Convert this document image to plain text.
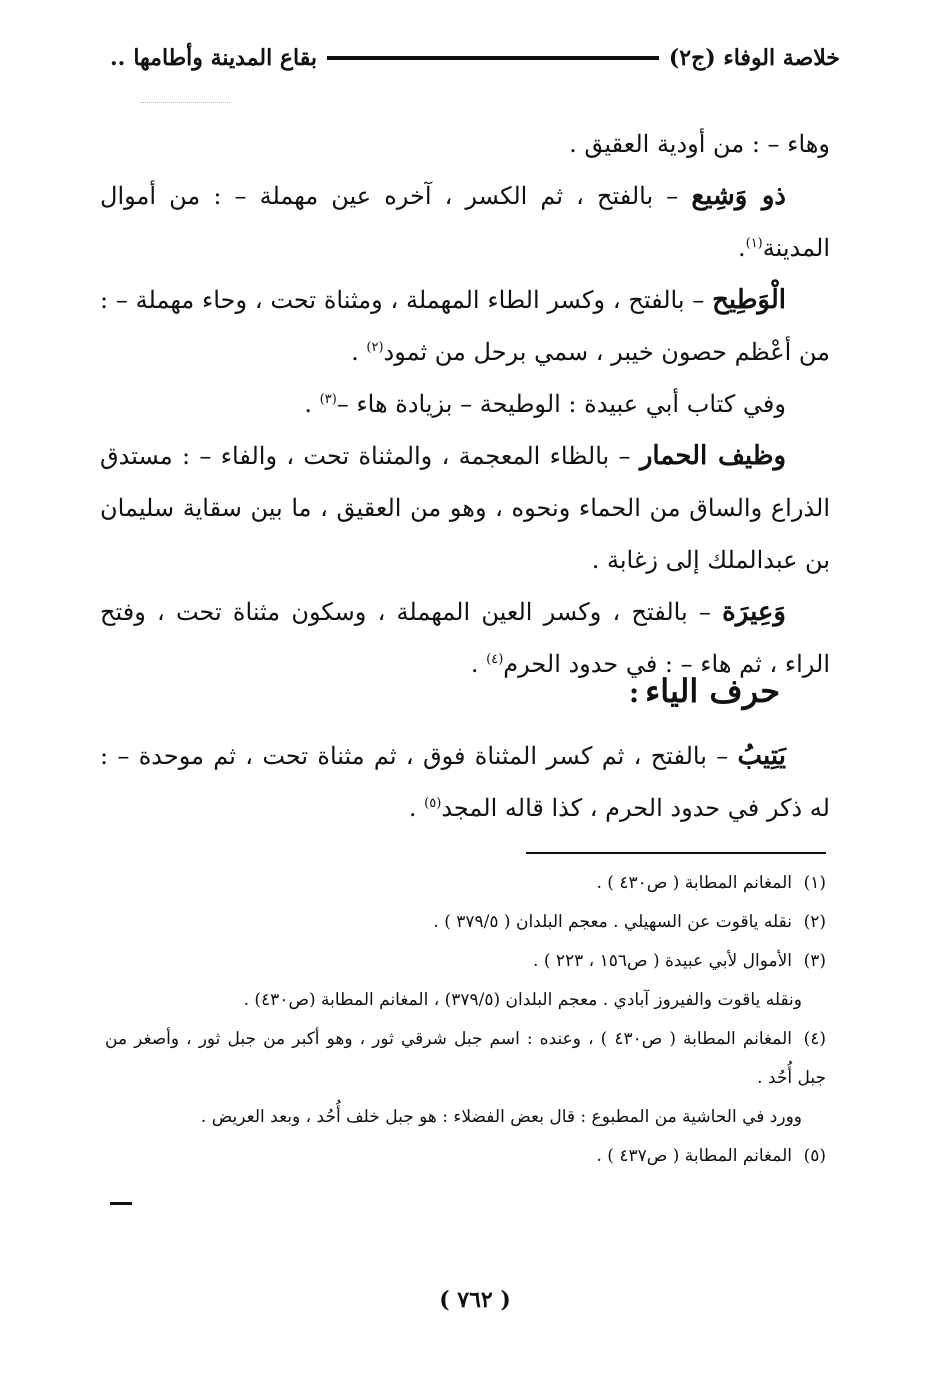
خلاصة الوفاء (ج٢)
بقاع المدينة وأطامها
..

وهاء – : من أودية العقيق .

ذو وَشِيع – بالفتح ، ثم الكسر ، آخره عين مهملة – : من أموال المدينة$^{(١)}$.

الْوَطِيح – بالفتح ، وكسر الطاء المهملة ، ومثناة تحت ، وحاء مهملة – : من أعْظم حصون خيبر ، سمي برحل من ثمود$^{(٢)}$ .

وفي كتاب أبي عبيدة : الوطيحة – بزيادة هاء –$^{(٣)}$ .

وظيف الحمار – بالظاء المعجمة ، والمثناة تحت ، والفاء – : مستدق الذراع والساق من الحماء ونحوه ، وهو من العقيق ، ما بين سقاية سليمان بن عبدالملك إلى زغابة .

وَعِيرَة – بالفتح ، وكسر العين المهملة ، وسكون مثناة تحت ، وفتح الراء ، ثم هاء – : في حدود الحرم$^{(٤)}$ .

حرف الياء:

يَتِيبُ – بالفتح ، ثم كسر المثناة فوق ، ثم مثناة تحت ، ثم موحدة – : له ذكر في حدود الحرم ، كذا قاله المجد$^{(٥)}$ .

(١)المغانم المطابة ( ص٤٣٠ ) .

(٢)نقله ياقوت عن السهيلي . معجم البلدان ( ٣٧٩/٥ ) .

(٣)الأموال لأبي عبيدة ( ص١٥٦ ، ٢٢٣ ) .

ونقله ياقوت والفيروز آبادي . معجم البلدان (٣٧٩/٥) ، المغانم المطابة (ص٤٣٠) .

(٤)المغانم المطابة ( ص٤٣٠ ) ، وعنده : اسم جبل شرقي ثور ، وهو أكبر من جبل ثور ، وأصغر من جبل أُحُد .

وورد في الحاشية من المطبوع : قال بعض الفضلاء : هو جبل خلف أُحُد ، وبعد العريض .

(٥)المغانم المطابة ( ص٤٣٧ ) .

( ٧٦٢ )
